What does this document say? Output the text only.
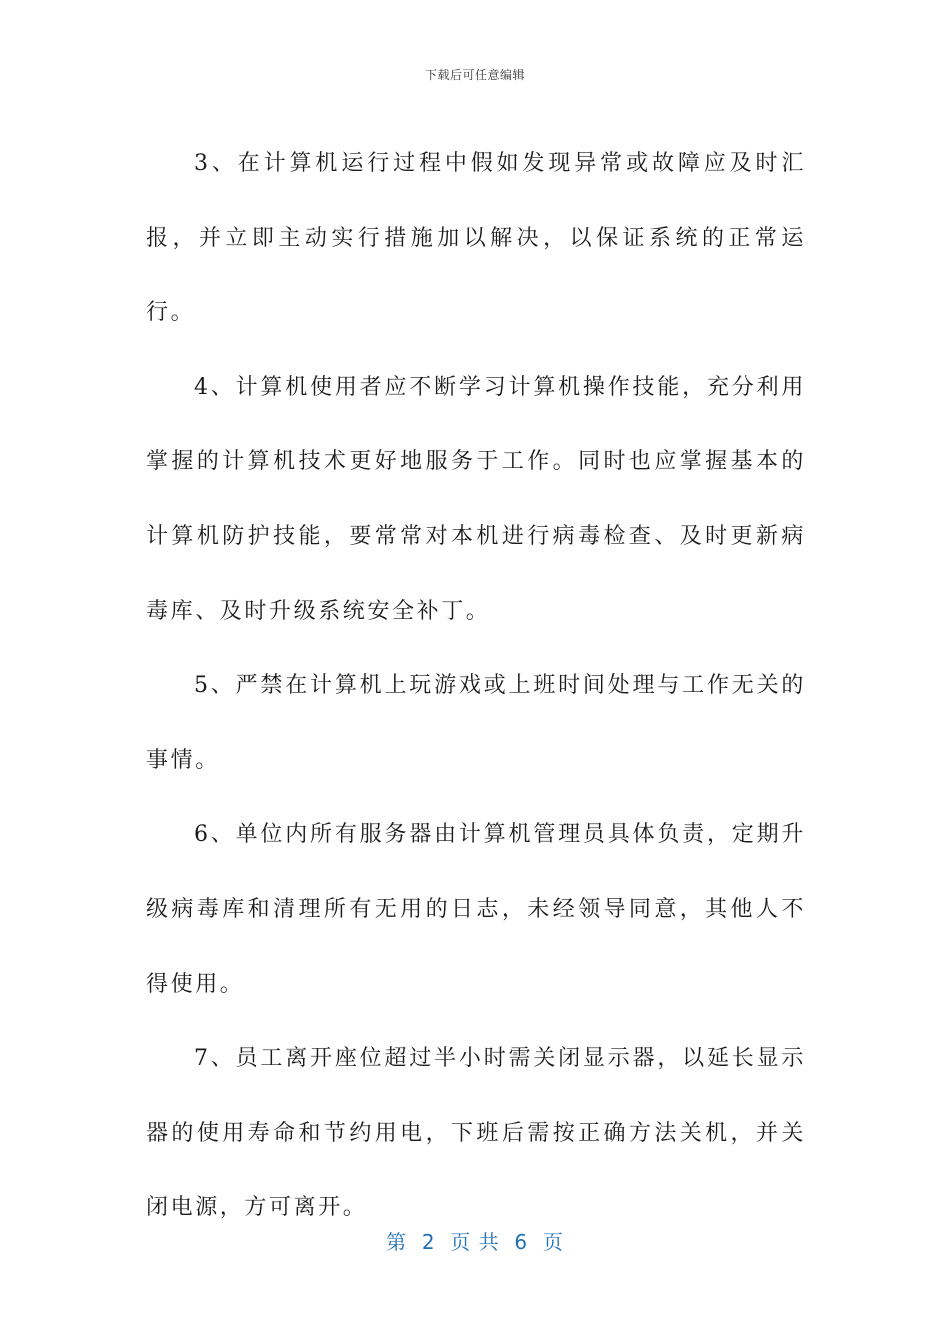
下载后可任意编辑

3、在计算机运行过程中假如发现异常或故障应及时汇报，并立即主动实行措施加以解决，以保证系统的正常运行。

4、计算机使用者应不断学习计算机操作技能，充分利用掌握的计算机技术更好地服务于工作。同时也应掌握基本的计算机防护技能，要常常对本机进行病毒检查、及时更新病毒库、及时升级系统安全补丁。

5、严禁在计算机上玩游戏或上班时间处理与工作无关的事情。

6、单位内所有服务器由计算机管理员具体负责，定期升级病毒库和清理所有无用的日志，未经领导同意，其他人不得使用。

7、员工离开座位超过半小时需关闭显示器，以延长显示器的使用寿命和节约用电，下班后需按正确方法关机，并关闭电源，方可离开。

第  2  页 共  6  页
